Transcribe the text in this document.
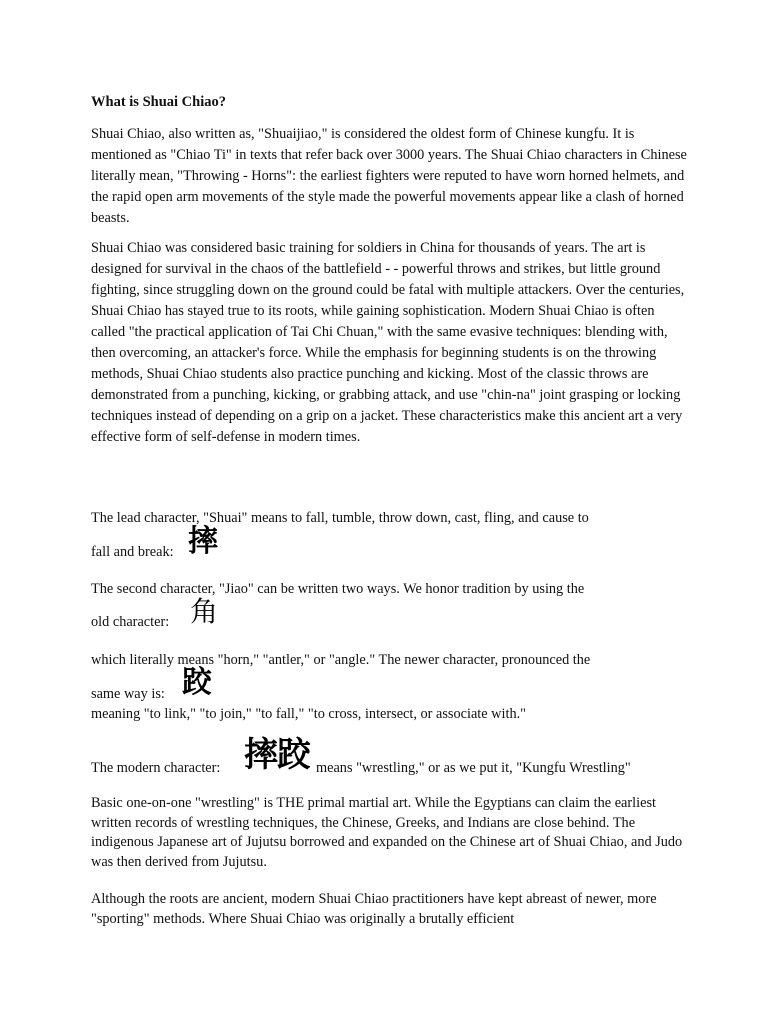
What is Shuai Chiao?

Shuai Chiao, also written as, "Shuaijiao," is considered the oldest form of Chinese kungfu. It is mentioned as "Chiao Ti" in texts that refer back over 3000 years. The Shuai Chiao characters in Chinese literally mean, "Throwing - Horns": the earliest fighters were reputed to have worn horned helmets, and the rapid open arm movements of the style made the powerful movements appear like a clash of horned beasts.

Shuai Chiao was considered basic training for soldiers in China for thousands of years. The art is designed for survival in the chaos of the battlefield - - powerful throws and strikes, but little ground fighting, since struggling down on the ground could be fatal with multiple attackers. Over the centuries, Shuai Chiao has stayed true to its roots, while gaining sophistication. Modern Shuai Chiao is often called "the practical application of Tai Chi Chuan," with the same evasive techniques: blending with, then overcoming, an attacker's force. While the emphasis for beginning students is on the throwing methods, Shuai Chiao students also practice punching and kicking. Most of the classic throws are demonstrated from a punching, kicking, or grabbing attack, and use "chin-na" joint grasping or locking techniques instead of depending on a grip on a jacket. These characteristics make this ancient art a very effective form of self-defense in modern times.

The lead character, "Shuai" means to fall, tumble, throw down, cast, fling, and cause to
fall and break: 摔
The second character, "Jiao" can be written two ways. We honor tradition by using the
old character: 角
which literally means "horn," "antler," or "angle." The newer character, pronounced the
same way is: 跤
meaning "to link," "to join," "to fall," "to cross, intersect, or associate with."
The modern character: 摔跤 means "wrestling," or as we put it, "Kungfu Wrestling"

Basic one-on-one "wrestling" is THE primal martial art. While the Egyptians can claim the earliest written records of wrestling techniques, the Chinese, Greeks, and Indians are close behind. The indigenous Japanese art of Jujutsu borrowed and expanded on the Chinese art of Shuai Chiao, and Judo was then derived from Jujutsu.

Although the roots are ancient, modern Shuai Chiao practitioners have kept abreast of newer, more "sporting" methods. Where Shuai Chiao was originally a brutally efficient
